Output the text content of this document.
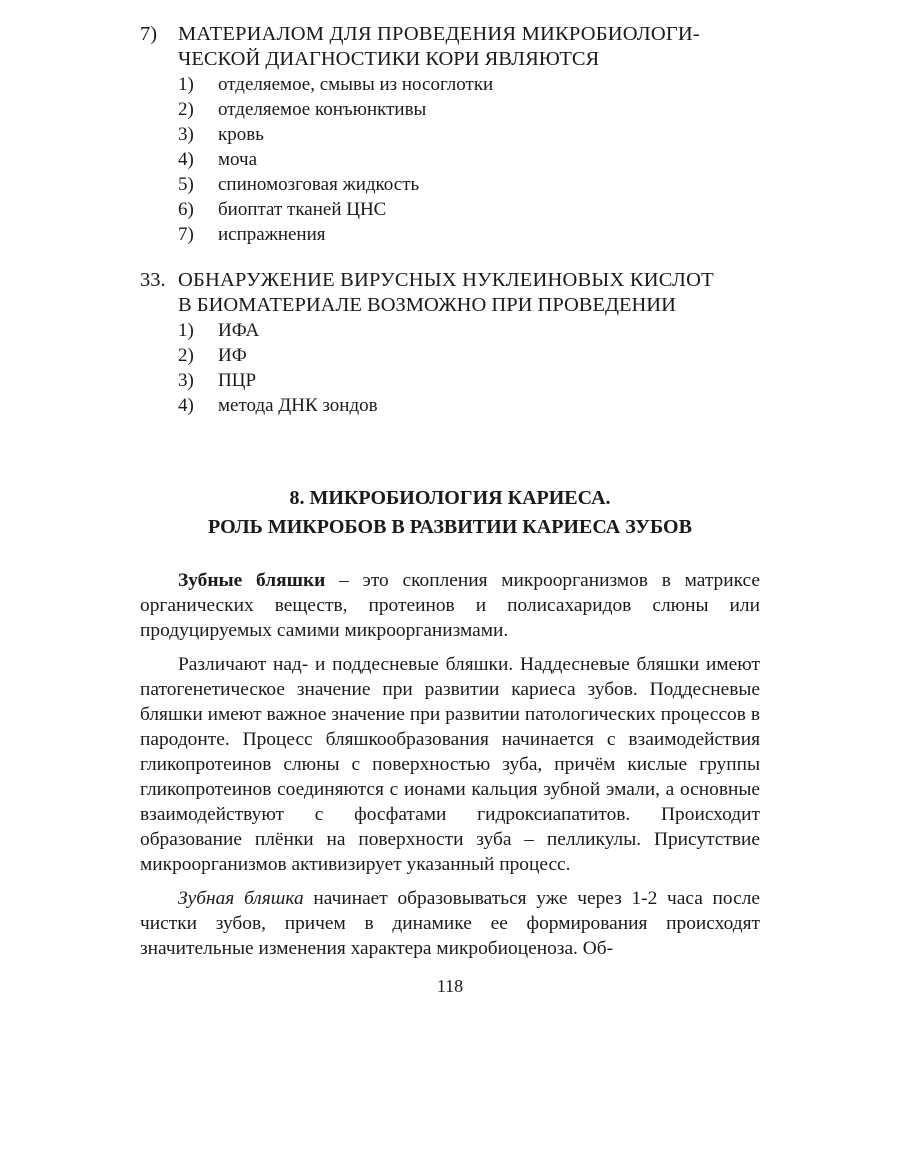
7) МАТЕРИАЛОМ ДЛЯ ПРОВЕДЕНИЯ МИКРОБИОЛОГИ-
ЧЕСКОЙ ДИАГНОСТИКИ КОРИ ЯВЛЯЮТСЯ
1) отделяемое, смывы из носоглотки
2) отделяемое конъюнктивы
3) кровь
4) моча
5) спиномозговая жидкость
6) биоптат тканей ЦНС
7) испражнения
33. ОБНАРУЖЕНИЕ ВИРУСНЫХ НУКЛЕИНОВЫХ КИСЛОТ
В БИОМАТЕРИАЛЕ ВОЗМОЖНО ПРИ ПРОВЕДЕНИИ
1) ИФА
2) ИФ
3) ПЦР
4) метода ДНК зондов
8. МИКРОБИОЛОГИЯ КАРИЕСА.
РОЛЬ МИКРОБОВ В РАЗВИТИИ КАРИЕСА ЗУБОВ

Зубные бляшки – это скопления микроорганизмов в матриксе органических веществ, протеинов и полисахаридов слюны или продуцируемых самими микроорганизмами.

Различают над- и поддесневые бляшки. Наддесневые бляшки имеют патогенетическое значение при развитии кариеса зубов. Поддесневые бляшки имеют важное значение при развитии патологических процессов в пародонте. Процесс бляшкообразования начинается с взаимодействия гликопротеинов слюны с поверхностью зуба, причём кислые группы гликопротеинов соединяются с ионами кальция зубной эмали, а основные взаимодействуют с фосфатами гидроксиапатитов. Происходит образование плёнки на поверхности зуба – пелликулы. Присутствие микроорганизмов активизирует указанный процесс.

Зубная бляшка начинает образовываться уже через 1-2 часа после чистки зубов, причем в динамике ее формирования происходят значительные изменения характера микробиоценоза. Об-

118
